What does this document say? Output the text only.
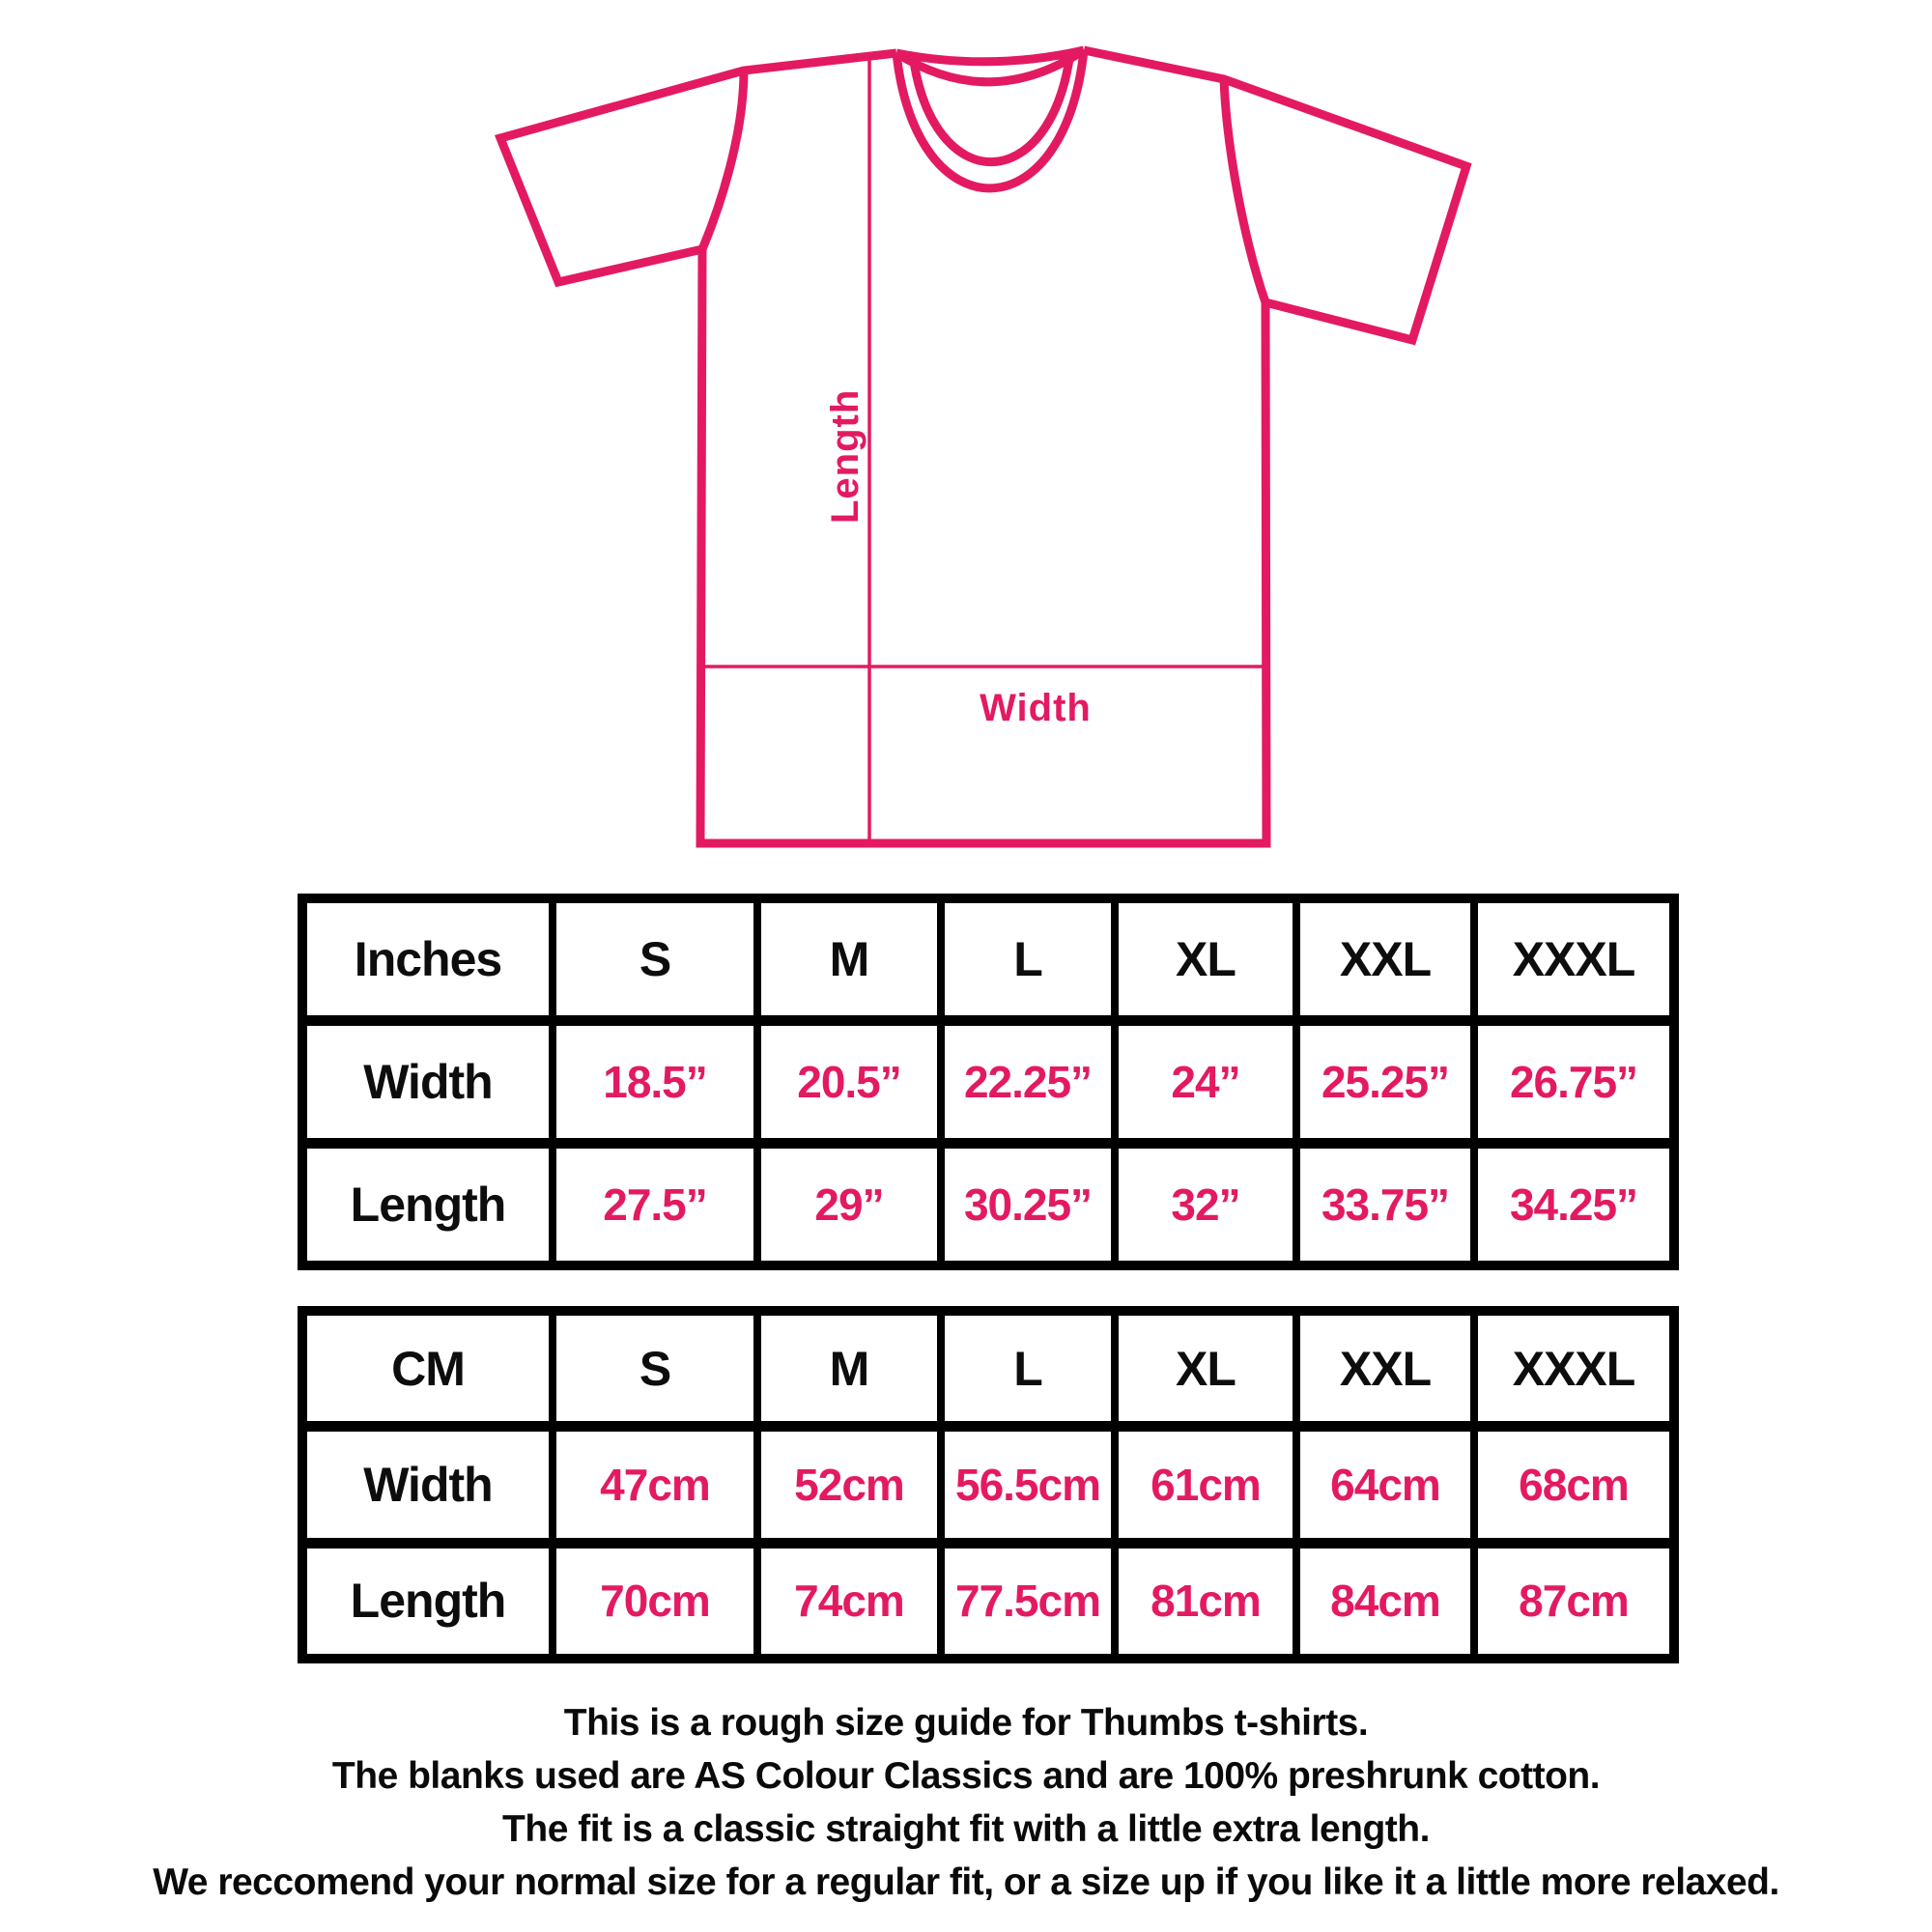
Length
Width
Inches	S	M	L	XL	XXL	XXXL
Width	18.5”	20.5”	22.25”	24”	25.25”	26.75”
Length	27.5”	29”	30.25”	32”	33.75”	34.25”
CM	S	M	L	XL	XXL	XXXL
Width	47cm	52cm	56.5cm	61cm	64cm	68cm
Length	70cm	74cm	77.5cm	81cm	84cm	87cm
This is a rough size guide for Thumbs t-shirts.
The blanks used are AS Colour Classics and are 100% preshrunk cotton.
The fit is a classic straight fit with a little extra length.
We reccomend your normal size for a regular fit, or a size up if you like it a little more relaxed.
